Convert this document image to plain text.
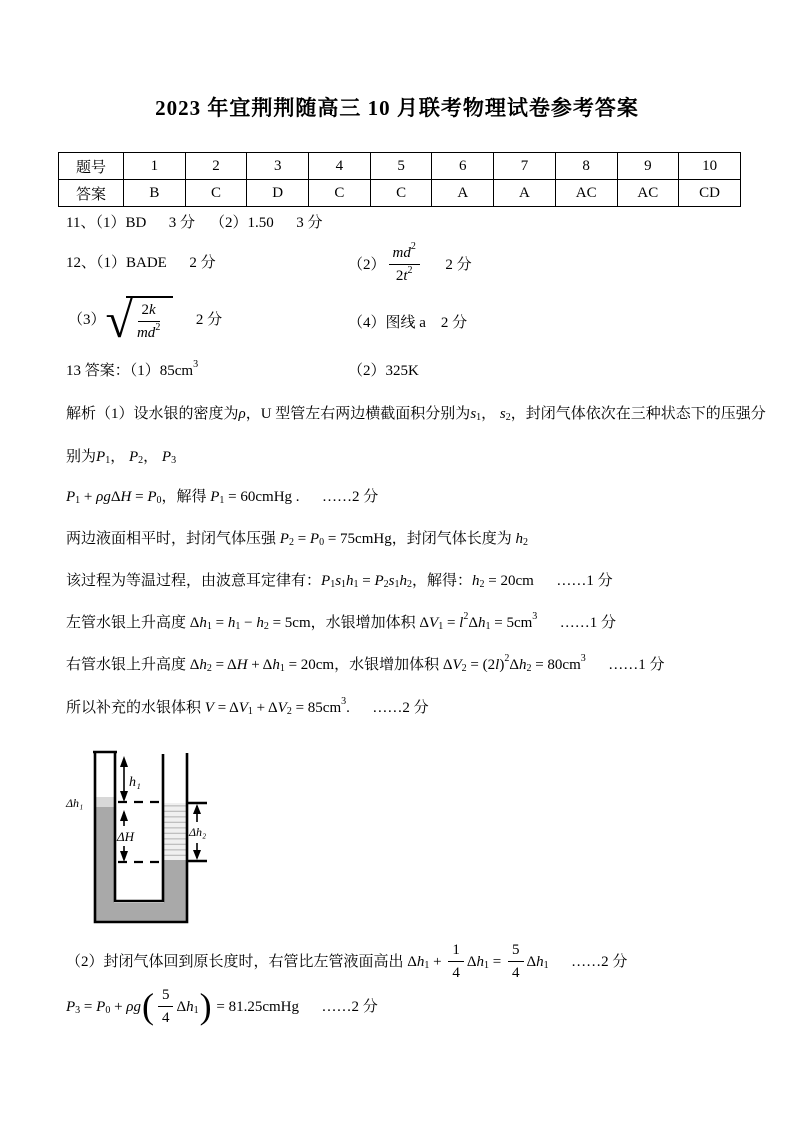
2023 年宜荆荆随高三 10 月联考物理试卷参考答案
题号	1	2	3	4	5	6	7	8	9	10
答案	B	C	D	C	C	A	A	AC	AC	CD
11、（1）BD      3 分    （2）1.50      3 分
12、（1）BADE      2 分	$(2) \frac{md 2}{2 t 2} 2$ 分
（3） √ $\frac{2 k}{md 2} 2$ 分	（4）图线 a    2 分
13 答案：（1）85cm 3	（2）325K
解析（1）设水银的密度为 ρ ，U 型管左右两边横截面积分别为 s 1 ， s 2 ，封闭气体依次在三种状态下的压强分
别为 P 1 ， P 2 ， P 3
P 1 + ρg Δ H = P 0 ，解得 P 1 = 60cmHg .      ……2 分
两边液面相平时，封闭气体压强 P 2 = P 0 = 75cmHg，封闭气体长度为 h 2
该过程为等温过程，由波意耳定律有： P 1 s 1 h 1 = P 2 s 1 h 2 ，解得： h 2 = 20cm      ……1 分
左管水银上升高度 Δ h 1 = h 1 − h 2 = 5cm，水银增加体积 Δ V 1 = l 2 Δ h 1 = 5cm 3 ……1 分
右管水银上升高度 Δ h 2 = Δ H + Δ h 1 = 20cm，水银增加体积 Δ V 2 = (2 l ) 2 Δ h 2 = 80cm 3 ……1 分
所以补充的水银体积 V = Δ V 1 + Δ V 2 = 85cm 3 .      ……2 分
（2）封闭气体回到原长度时，右管比左管液面高出 Δ h $1 + \frac{1}{4}$ Δ h $1 = \frac{5}{4}$ Δ h 1 ……2 分
P 3 = P 0 + ρg ( $\frac{5}{4}$ Δ h 1 ) = 81.25cmHg      ……2 分
h₁
ΔH
Δh₁
Δh₂
